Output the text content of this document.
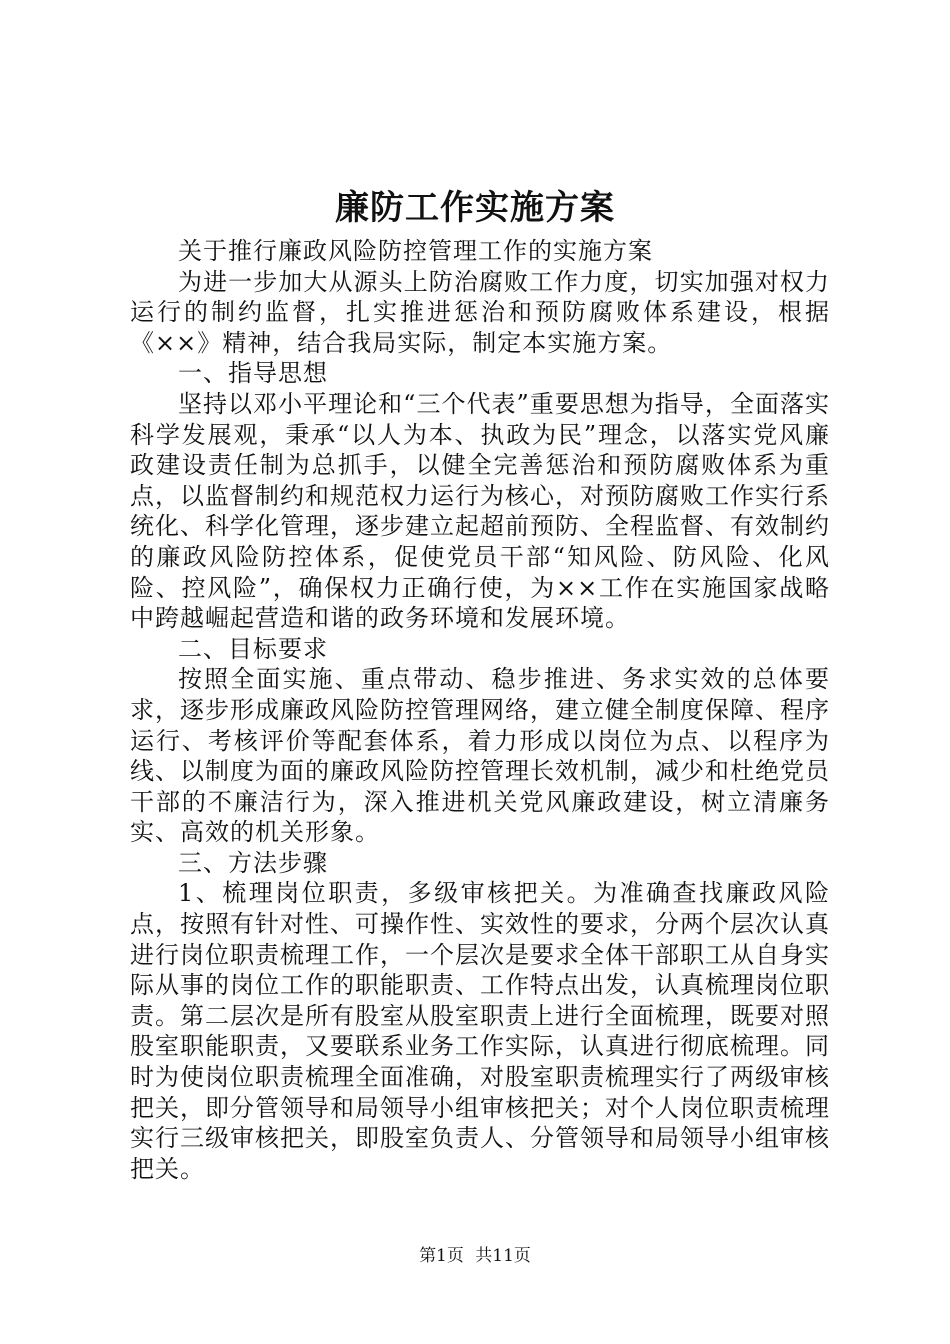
廉防工作实施方案

关于推行廉政风险防控管理工作的实施方案

为进一步加大从源头上防治腐败工作力度，切实加强对权力运行的制约监督，扎实推进惩治和预防腐败体系建设，根据《××》精神，结合我局实际，制定本实施方案。

一、指导思想

坚持以邓小平理论和“三个代表”重要思想为指导，全面落实科学发展观，秉承“以人为本、执政为民”理念，以落实党风廉政建设责任制为总抓手，以健全完善惩治和预防腐败体系为重点，以监督制约和规范权力运行为核心，对预防腐败工作实行系统化、科学化管理，逐步建立起超前预防、全程监督、有效制约的廉政风险防控体系，促使党员干部“知风险、防风险、化风险、控风险”，确保权力正确行使，为××工作在实施国家战略中跨越崛起营造和谐的政务环境和发展环境。

二、目标要求

按照全面实施、重点带动、稳步推进、务求实效的总体要求，逐步形成廉政风险防控管理网络，建立健全制度保障、程序运行、考核评价等配套体系，着力形成以岗位为点、以程序为线、以制度为面的廉政风险防控管理长效机制，减少和杜绝党员干部的不廉洁行为，深入推进机关党风廉政建设，树立清廉务实、高效的机关形象。

三、方法步骤

1、梳理岗位职责，多级审核把关。为准确查找廉政风险点，按照有针对性、可操作性、实效性的要求，分两个层次认真进行岗位职责梳理工作，一个层次是要求全体干部职工从自身实际从事的岗位工作的职能职责、工作特点出发，认真梳理岗位职责。第二层次是所有股室从股室职责上进行全面梳理，既要对照股室职能职责，又要联系业务工作实际，认真进行彻底梳理。同时为使岗位职责梳理全面准确，对股室职责梳理实行了两级审核把关，即分管领导和局领导小组审核把关；对个人岗位职责梳理实行三级审核把关，即股室负责人、分管领导和局领导小组审核把关。

第1页 共11页
